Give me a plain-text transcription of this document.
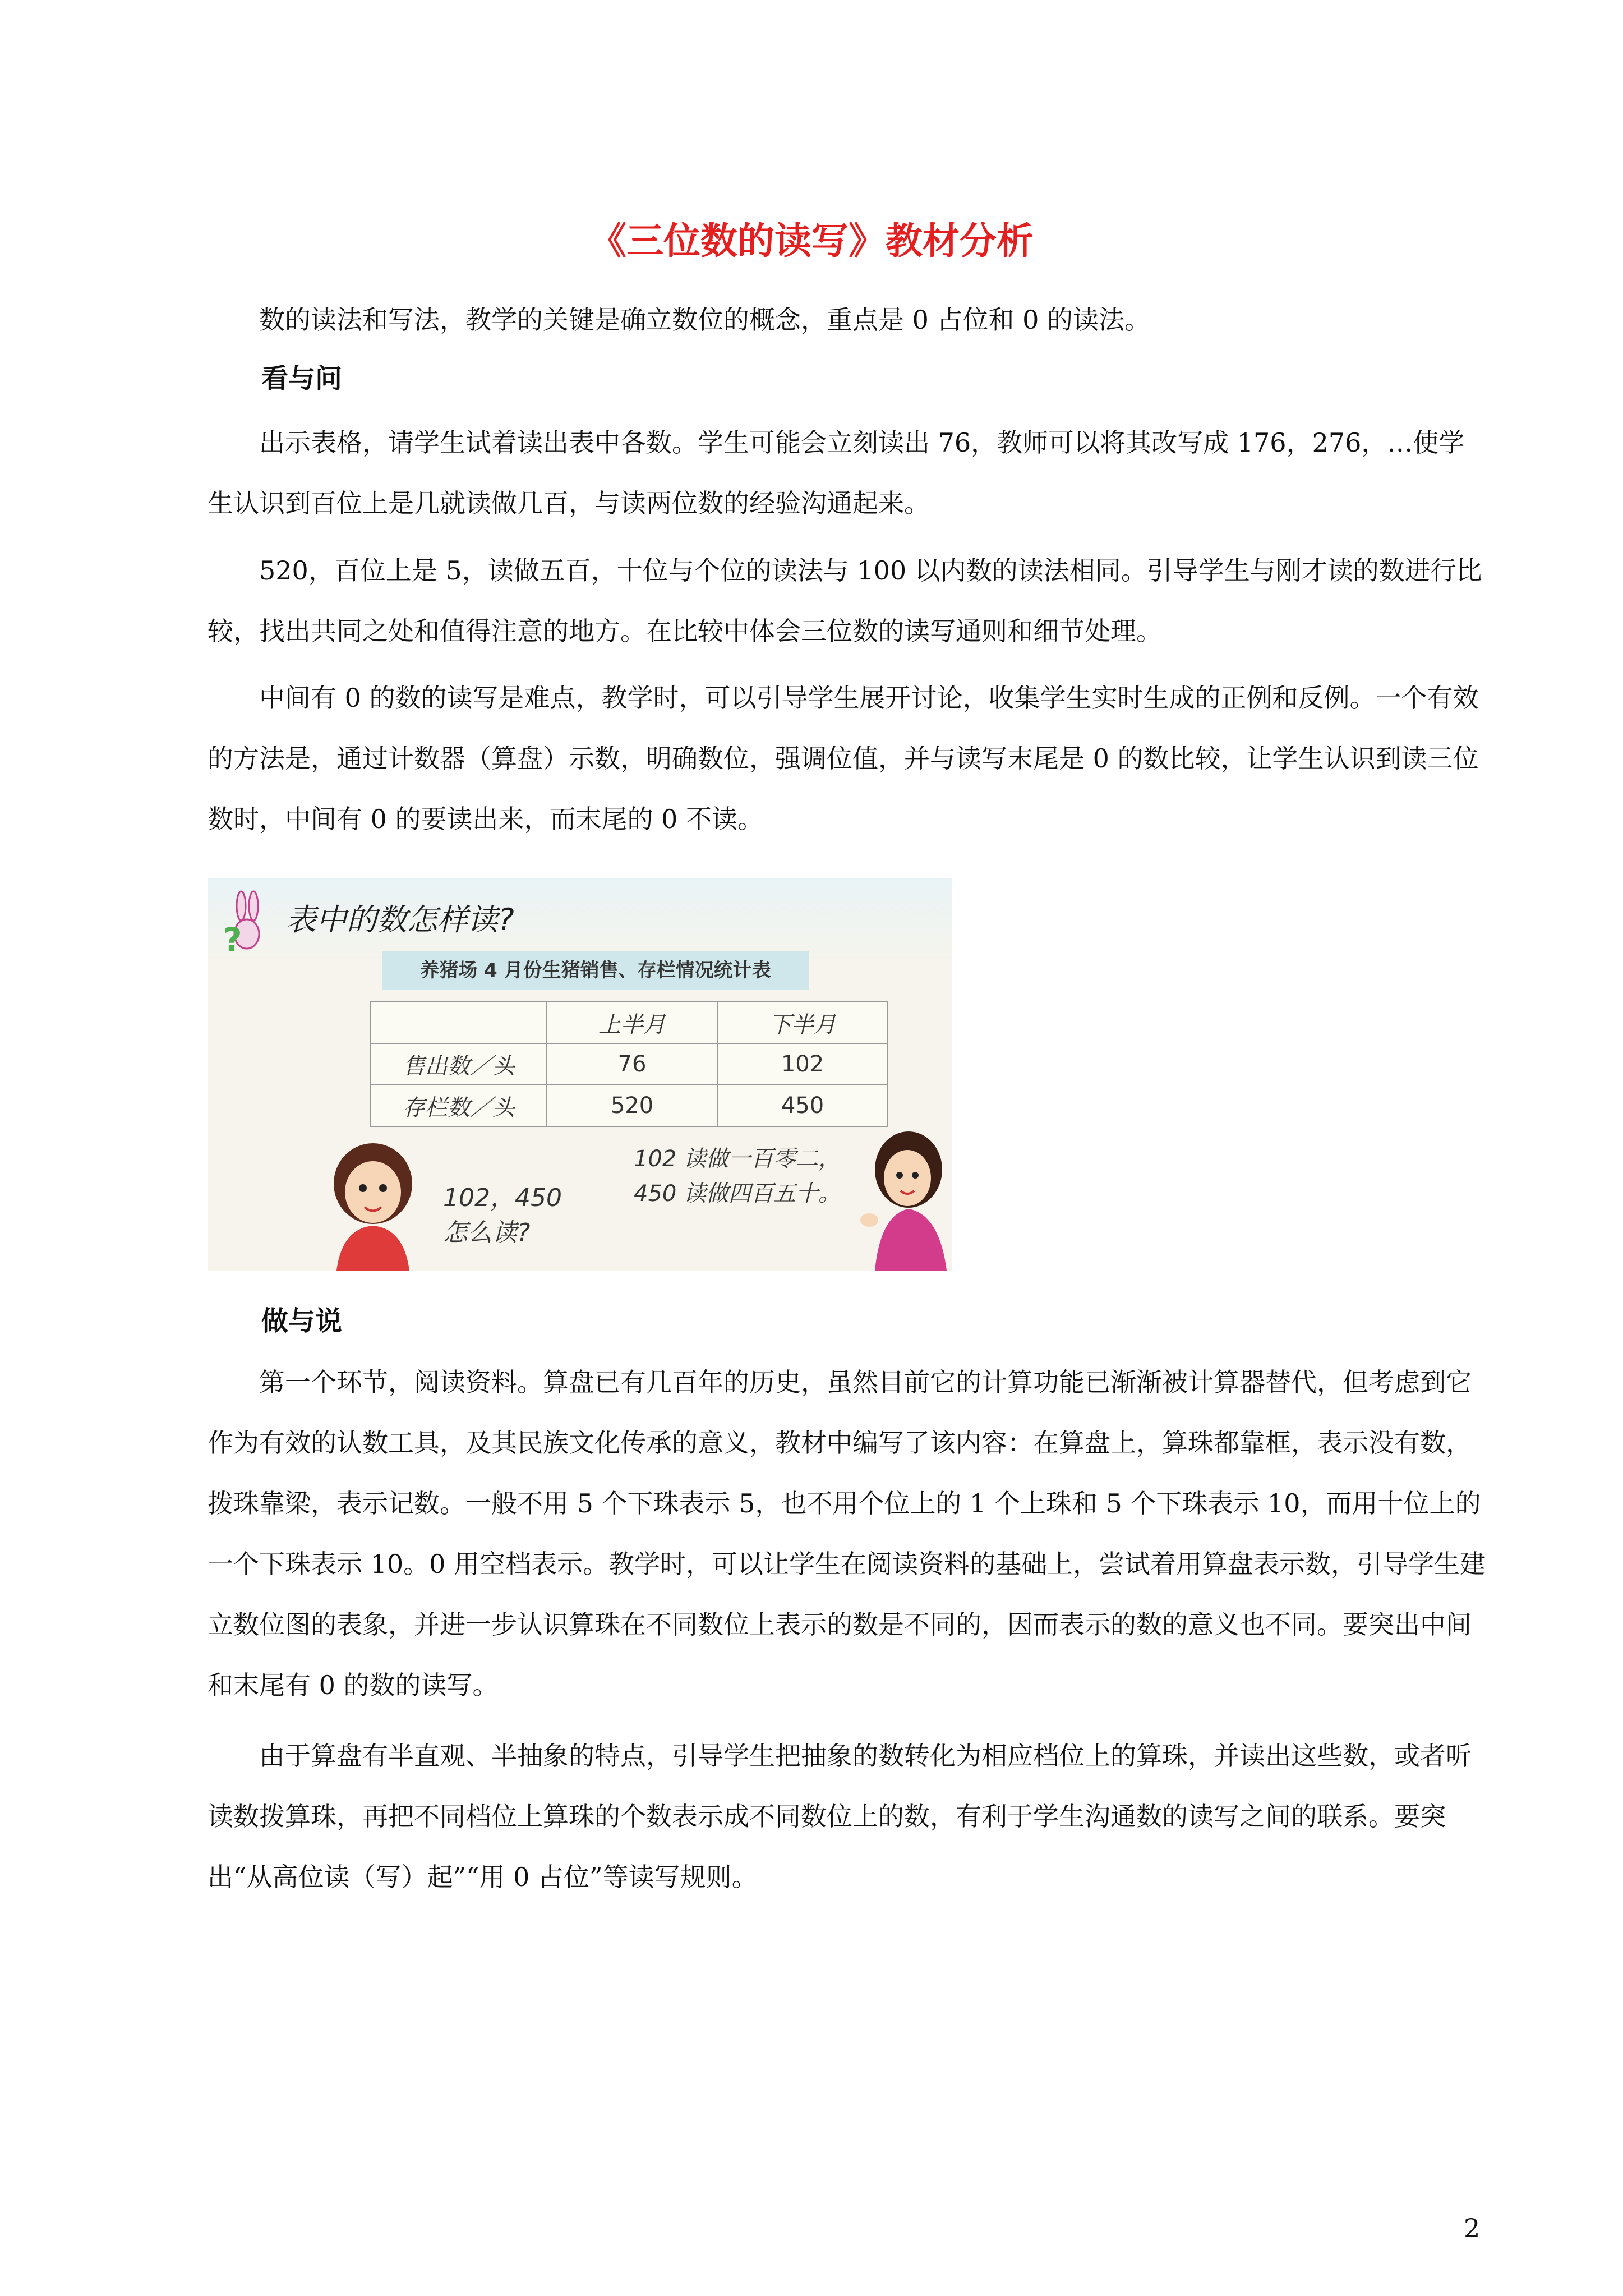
《三位数的读写》教材分析

数的读法和写法，教学的关键是确立数位的概念，重点是 0 占位和 0 的读法。

看与问

出示表格，请学生试着读出表中各数。学生可能会立刻读出 76，教师可以将其改写成 176，276，…使学生认识到百位上是几就读做几百，与读两位数的经验沟通起来。

520，百位上是 5，读做五百，十位与个位的读法与 100 以内数的读法相同。引导学生与刚才读的数进行比较，找出共同之处和值得注意的地方。在比较中体会三位数的读写通则和细节处理。

中间有 0 的数的读写是难点，教学时，可以引导学生展开讨论，收集学生实时生成的正例和反例。一个有效的方法是，通过计数器（算盘）示数，明确数位，强调位值，并与读写末尾是 0 的数比较，让学生认识到读三位数时，中间有 0 的要读出来，而末尾的 0 不读。

?
表中的数怎样读?
养猪场 4 月份生猪销售、存栏情况统计表
	上半月	下半月
售出数／头	76	102
存栏数／头	520	450
102，450
怎么读?
102 读做一百零二，
450 读做四百五十。
做与说

第一个环节，阅读资料。算盘已有几百年的历史，虽然目前它的计算功能已渐渐被计算器替代，但考虑到它作为有效的认数工具，及其民族文化传承的意义，教材中编写了该内容：在算盘上，算珠都靠框，表示没有数，拨珠靠梁，表示记数。一般不用 5 个下珠表示 5，也不用个位上的 1 个上珠和 5 个下珠表示 10，而用十位上的一个下珠表示 10。0 用空档表示。教学时，可以让学生在阅读资料的基础上，尝试着用算盘表示数，引导学生建立数位图的表象，并进一步认识算珠在不同数位上表示的数是不同的，因而表示的数的意义也不同。要突出中间和末尾有 0 的数的读写。

由于算盘有半直观、半抽象的特点，引导学生把抽象的数转化为相应档位上的算珠，并读出这些数，或者听读数拨算珠，再把不同档位上算珠的个数表示成不同数位上的数，有利于学生沟通数的读写之间的联系。要突出“从高位读（写）起”“用 0 占位”等读写规则。

2
